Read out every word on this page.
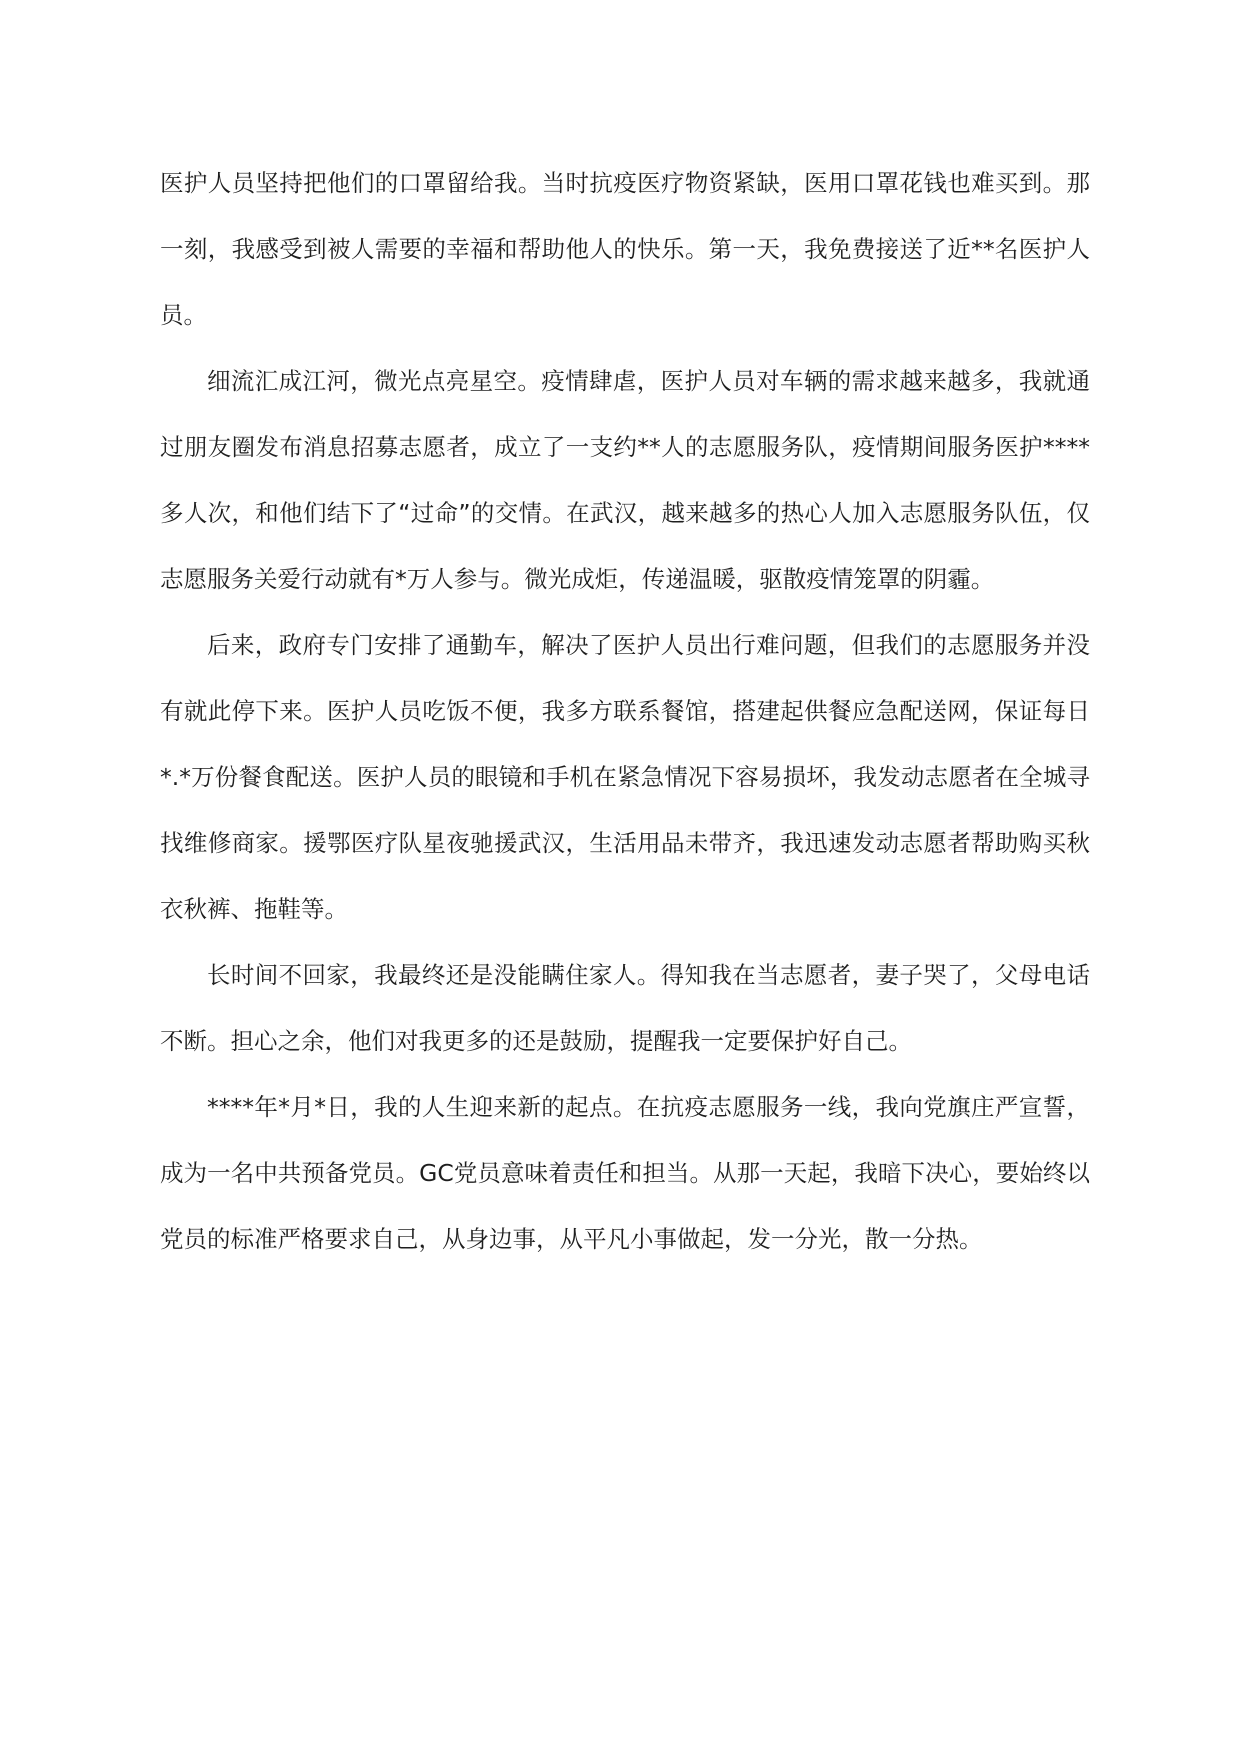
医护人员坚持把他们的口罩留给我。当时抗疫医疗物资紧缺，医用口罩花钱也难买到。那一刻，我感受到被人需要的幸福和帮助他人的快乐。第一天，我免费接送了近**名医护人员。

细流汇成江河，微光点亮星空。疫情肆虐，医护人员对车辆的需求越来越多，我就通过朋友圈发布消息招募志愿者，成立了一支约**人的志愿服务队，疫情期间服务医护****多人次，和他们结下了“过命”的交情。在武汉，越来越多的热心人加入志愿服务队伍，仅志愿服务关爱行动就有*万人参与。微光成炬，传递温暖，驱散疫情笼罩的阴霾。

后来，政府专门安排了通勤车，解决了医护人员出行难问题，但我们的志愿服务并没有就此停下来。医护人员吃饭不便，我多方联系餐馆，搭建起供餐应急配送网，保证每日*.*万份餐食配送。医护人员的眼镜和手机在紧急情况下容易损坏，我发动志愿者在全城寻找维修商家。援鄂医疗队星夜驰援武汉，生活用品未带齐，我迅速发动志愿者帮助购买秋衣秋裤、拖鞋等。

长时间不回家，我最终还是没能瞒住家人。得知我在当志愿者，妻子哭了，父母电话不断。担心之余，他们对我更多的还是鼓励，提醒我一定要保护好自己。

****年*月*日，我的人生迎来新的起点。在抗疫志愿服务一线，我向党旗庄严宣誓，成为一名中共预备党员。GC党员意味着责任和担当。从那一天起，我暗下决心，要始终以党员的标准严格要求自己，从身边事，从平凡小事做起，发一分光，散一分热。
